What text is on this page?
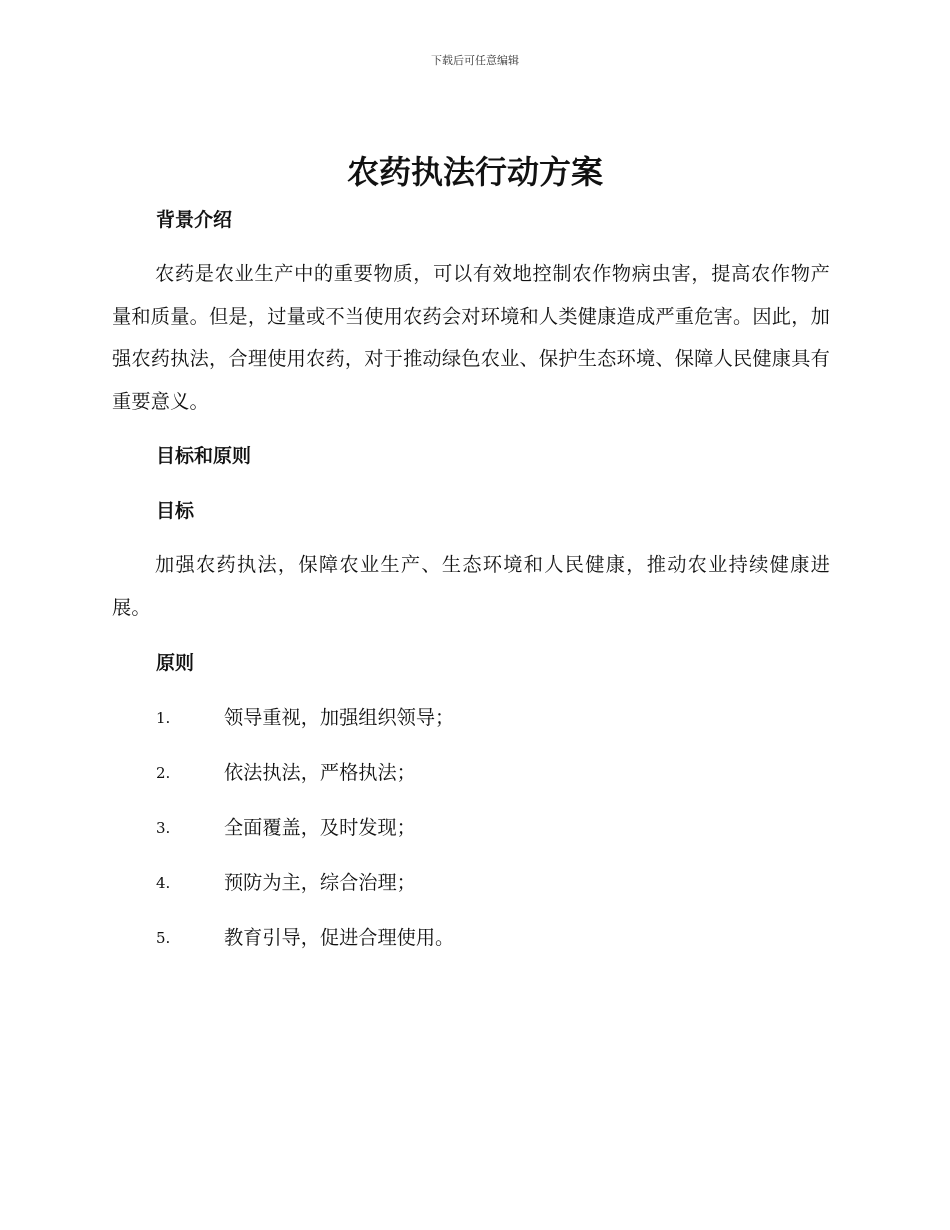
下载后可任意编辑
农药执法行动方案
背景介绍

农药是农业生产中的重要物质，可以有效地控制农作物病虫害，提高农作物产量和质量。但是，过量或不当使用农药会对环境和人类健康造成严重危害。因此，加强农药执法，合理使用农药，对于推动绿色农业、保护生态环境、保障人民健康具有重要意义。

目标和原则
目标

加强农药执法，保障农业生产、生态环境和人民健康，推动农业持续健康进展。

原则
1.	领导重视，加强组织领导；
2.	依法执法，严格执法；
3.	全面覆盖，及时发现；
4.	预防为主，综合治理；
5.	教育引导，促进合理使用。
